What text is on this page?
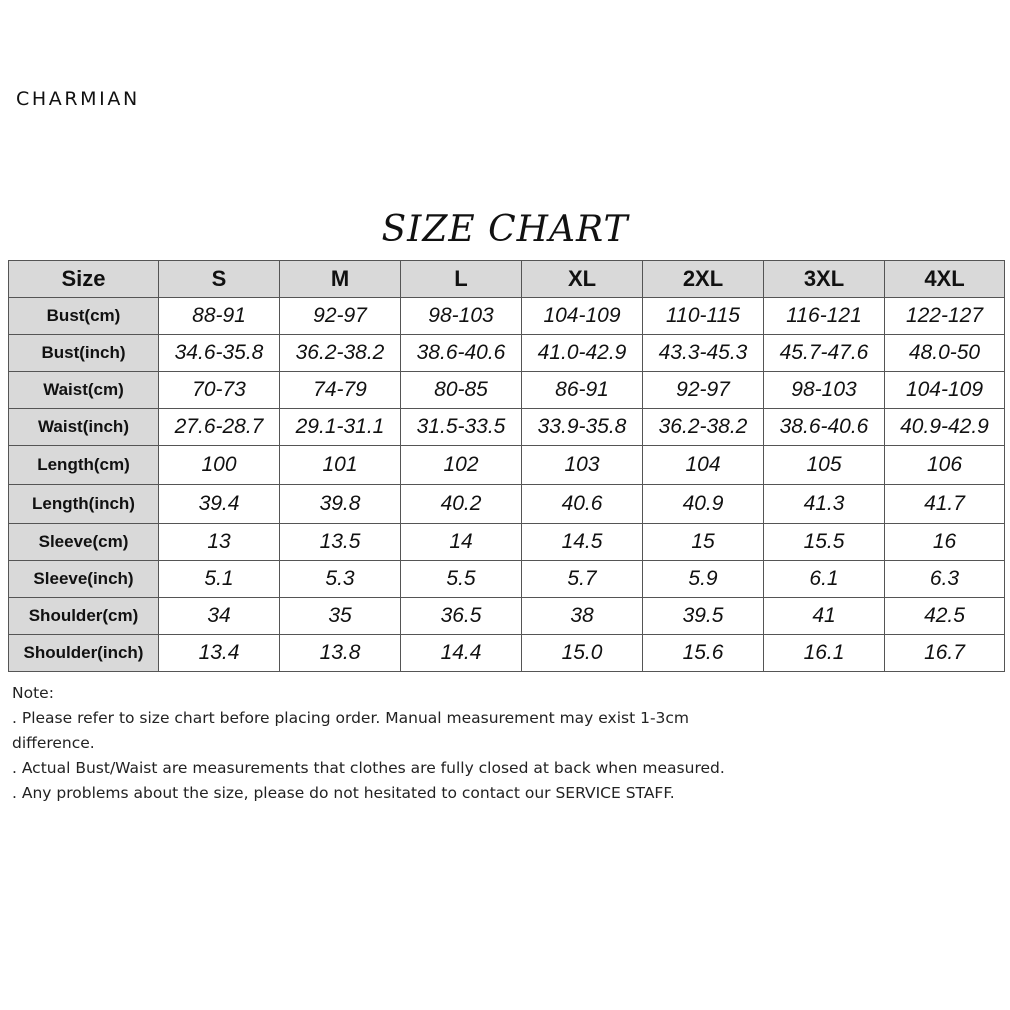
CHARMIAN
SIZE CHART
Size	S	M	L	XL	2XL	3XL	4XL
Bust(cm)	88-91	92-97	98-103	104-109	110-115	116-121	122-127
Bust(inch)	34.6-35.8	36.2-38.2	38.6-40.6	41.0-42.9	43.3-45.3	45.7-47.6	48.0-50
Waist(cm)	70-73	74-79	80-85	86-91	92-97	98-103	104-109
Waist(inch)	27.6-28.7	29.1-31.1	31.5-33.5	33.9-35.8	36.2-38.2	38.6-40.6	40.9-42.9
Length(cm)	100	101	102	103	104	105	106
Length(inch)	39.4	39.8	40.2	40.6	40.9	41.3	41.7
Sleeve(cm)	13	13.5	14	14.5	15	15.5	16
Sleeve(inch)	5.1	5.3	5.5	5.7	5.9	6.1	6.3
Shoulder(cm)	34	35	36.5	38	39.5	41	42.5
Shoulder(inch)	13.4	13.8	14.4	15.0	15.6	16.1	16.7
Note:
. Please refer to size chart before placing order. Manual measurement may exist 1-3cm
difference.
. Actual Bust/Waist are measurements that clothes are fully closed at back when measured.
. Any problems about the size, please do not hesitated to contact our SERVICE STAFF.
